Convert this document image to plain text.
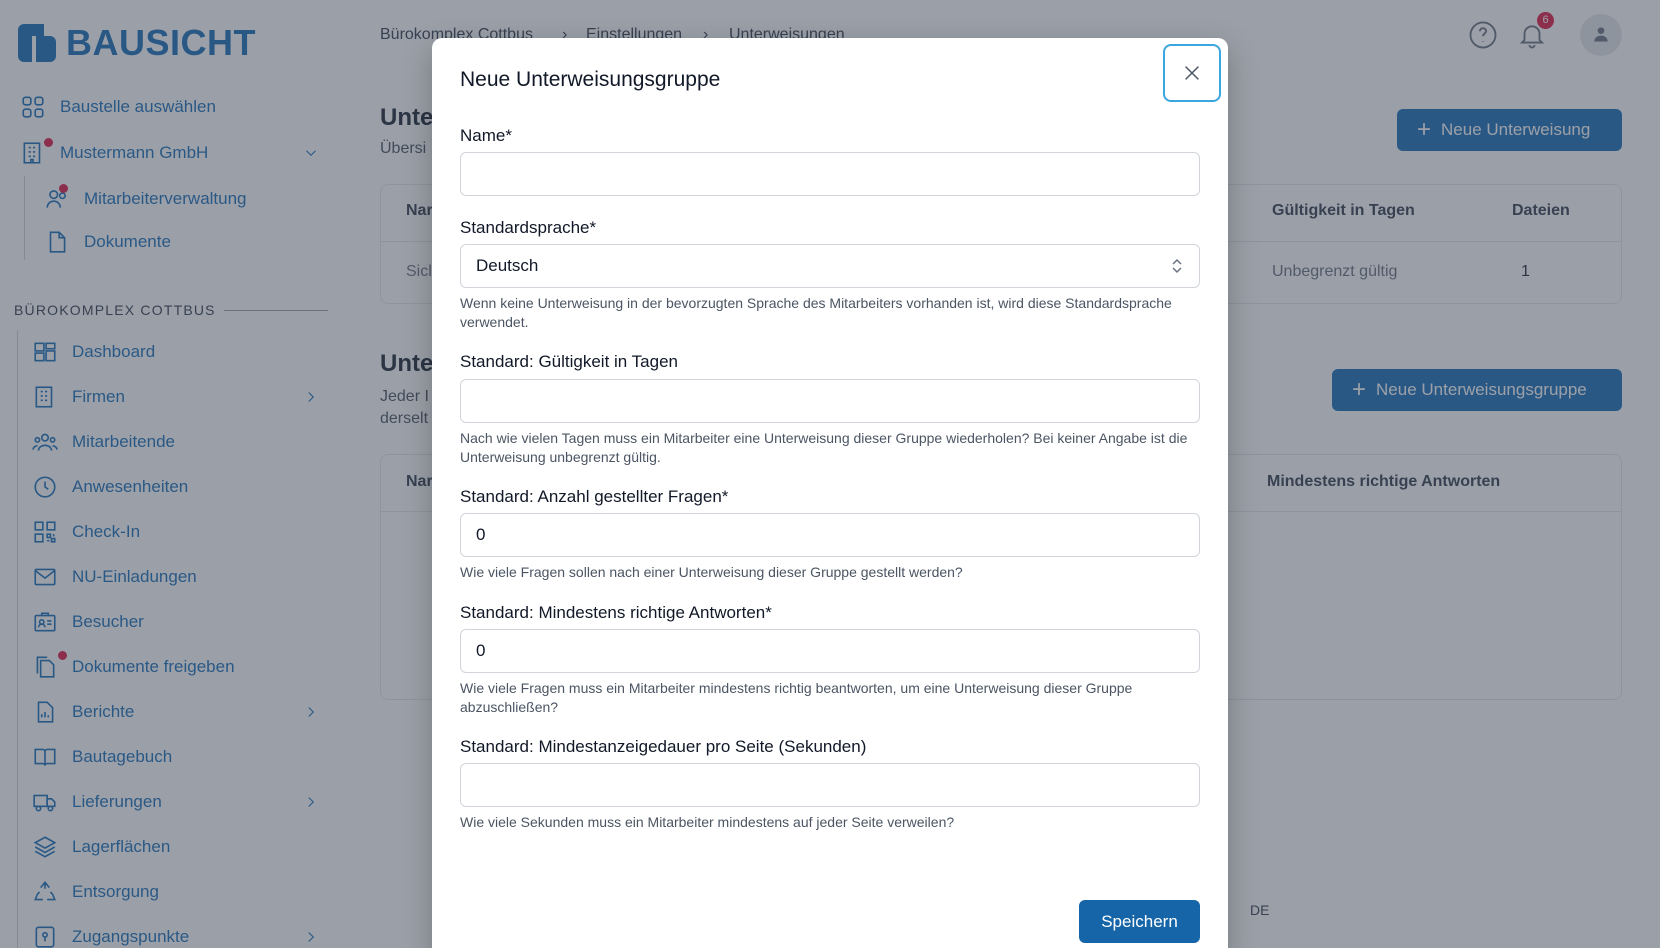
Neue Unterweisungsgruppe
Name*
Standardsprache*
Deutsch
Wenn keine Unterweisung in der bevorzugten Sprache des Mitarbeiters vorhanden ist, wird diese Standardsprache verwendet.
Standard: Gültigkeit in Tagen
Nach wie vielen Tagen muss ein Mitarbeiter eine Unterweisung dieser Gruppe wiederholen? Bei keiner Angabe ist die Unterweisung unbegrenzt gültig.
Standard: Anzahl gestellter Fragen*
0
Wie viele Fragen sollen nach einer Unterweisung dieser Gruppe gestellt werden?
Standard: Mindestens richtige Antworten*
0
Wie viele Fragen muss ein Mitarbeiter mindestens richtig beantworten, um eine Unterweisung dieser Gruppe abzuschließen?
Standard: Mindestanzeigedauer pro Seite (Sekunden)
Wie viele Sekunden muss ein Mitarbeiter mindestens auf jeder Seite verweilen?
Speichern
